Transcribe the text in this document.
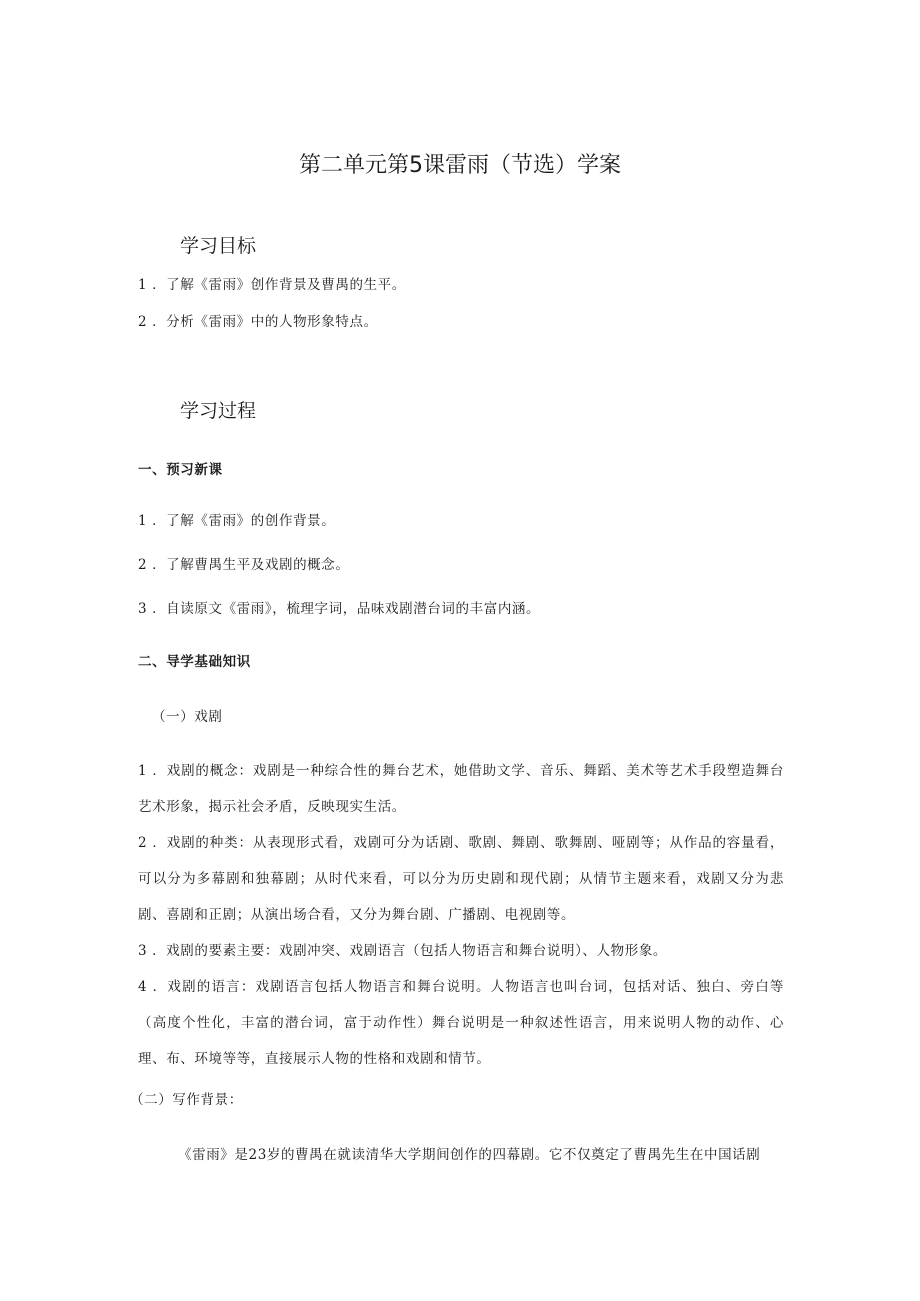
第二单元第5课雷雨（节选）学案
学习目标
1 ．了解《雷雨》创作背景及曹禺的生平。
2 ．分析《雷雨》中的人物形象特点。
学习过程
一、预习新课
1 ．了解《雷雨》的创作背景。
2 ．了解曹禺生平及戏剧的概念。
3 ．自读原文《雷雨》，梳理字词，品味戏剧潜台词的丰富内涵。
二、导学基础知识
（一）戏剧
1 ．戏剧的概念：戏剧是一种综合性的舞台艺术，她借助文学、音乐、舞蹈、美术等艺术手段塑造舞台艺术形象，揭示社会矛盾，反映现实生活。
2 ．戏剧的种类：从表现形式看，戏剧可分为话剧、歌剧、舞剧、歌舞剧、哑剧等；从作品的容量看，可以分为多幕剧和独幕剧；从时代来看，可以分为历史剧和现代剧；从情节主题来看，戏剧又分为悲剧、喜剧和正剧；从演出场合看，又分为舞台剧、广播剧、电视剧等。
3 ．戏剧的要素主要：戏剧冲突、戏剧语言（包括人物语言和舞台说明）、人物形象。
4 ．戏剧的语言：戏剧语言包括人物语言和舞台说明。人物语言也叫台词，包括对话、独白、旁白等（高度个性化，丰富的潜台词，富于动作性）舞台说明是一种叙述性语言，用来说明人物的动作、心理、布、环境等等，直接展示人物的性格和戏剧和情节。
（二）写作背景：
《雷雨》是23岁的曹禺在就读清华大学期间创作的四幕剧。它不仅奠定了曹禺先生在中国话剧
